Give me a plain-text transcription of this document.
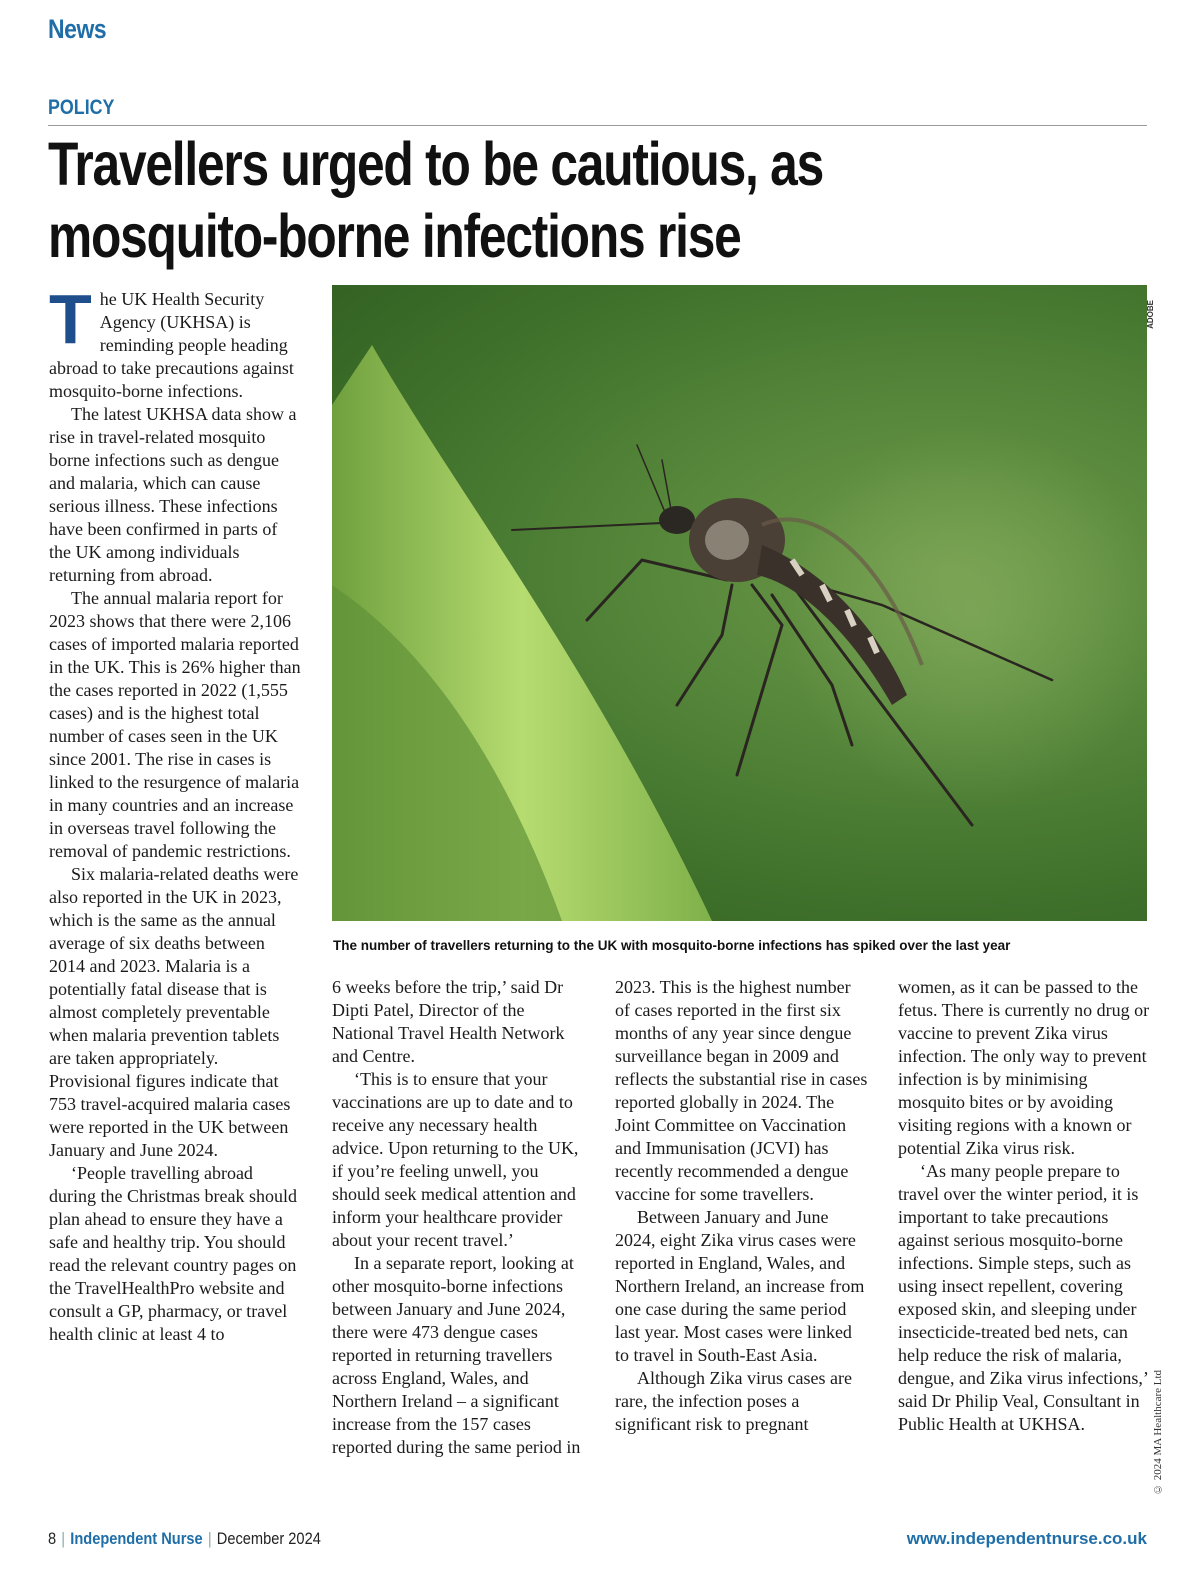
News
POLICY
Travellers urged to be cautious, as
mosquito-borne infections rise

The UK Health Security Agency (UKHSA) is reminding people heading abroad to take precautions against mosquito-borne infections.

The latest UKHSA data show a rise in travel-related mosquito borne infections such as dengue and malaria, which can cause serious illness. These infections have been confirmed in parts of the UK among individuals returning from abroad.

The annual malaria report for 2023 shows that there were 2,106 cases of imported malaria reported in the UK. This is 26% higher than the cases reported in 2022 (1,555 cases) and is the highest total number of cases seen in the UK since 2001. The rise in cases is linked to the resurgence of malaria in many countries and an increase in overseas travel following the removal of pandemic restrictions.

Six malaria-related deaths were also reported in the UK in 2023, which is the same as the annual average of six deaths between 2014 and 2023. Malaria is a potentially fatal disease that is almost completely preventable when malaria prevention tablets are taken appropriately. Provisional figures indicate that 753 travel-acquired malaria cases were reported in the UK between January and June 2024.

‘People travelling abroad during the Christmas break should plan ahead to ensure they have a safe and healthy trip. You should read the relevant country pages on the TravelHealthPro website and consult a GP, pharmacy, or travel health clinic at least 4 to

ADOBE
The number of travellers returning to the UK with mosquito-borne infections has spiked over the last year

6 weeks before the trip,’ said Dr Dipti Patel, Director of the National Travel Health Network and Centre.

‘This is to ensure that your vaccinations are up to date and to receive any necessary health advice. Upon returning to the UK, if you’re feeling unwell, you should seek medical attention and inform your healthcare provider about your recent travel.’

In a separate report, looking at other mosquito-borne infections between January and June 2024, there were 473 dengue cases reported in returning travellers across England, Wales, and Northern Ireland – a significant increase from the 157 cases reported during the same period in

2023. This is the highest number of cases reported in the first six months of any year since dengue surveillance began in 2009 and reflects the substantial rise in cases reported globally in 2024. The Joint Committee on Vaccination and Immunisation (JCVI) has recently recommended a dengue vaccine for some travellers.

Between January and June 2024, eight Zika virus cases were reported in England, Wales, and Northern Ireland, an increase from one case during the same period last year. Most cases were linked to travel in South-East Asia.

Although Zika virus cases are rare, the infection poses a significant risk to pregnant

women, as it can be passed to the fetus. There is currently no drug or vaccine to prevent Zika virus infection. The only way to prevent infection is by minimising mosquito bites or by avoiding visiting regions with a known or potential Zika virus risk.

‘As many people prepare to travel over the winter period, it is important to take precautions against serious mosquito-borne infections. Simple steps, such as using insect repellent, covering exposed skin, and sleeping under insecticide-treated bed nets, can help reduce the risk of malaria, dengue, and Zika virus infections,’ said Dr Philip Veal, Consultant in Public Health at UKHSA.	© 2024 MA Healthcare Ltd
8 | Independent Nurse | December 2024	www.independentnurse.co.uk
